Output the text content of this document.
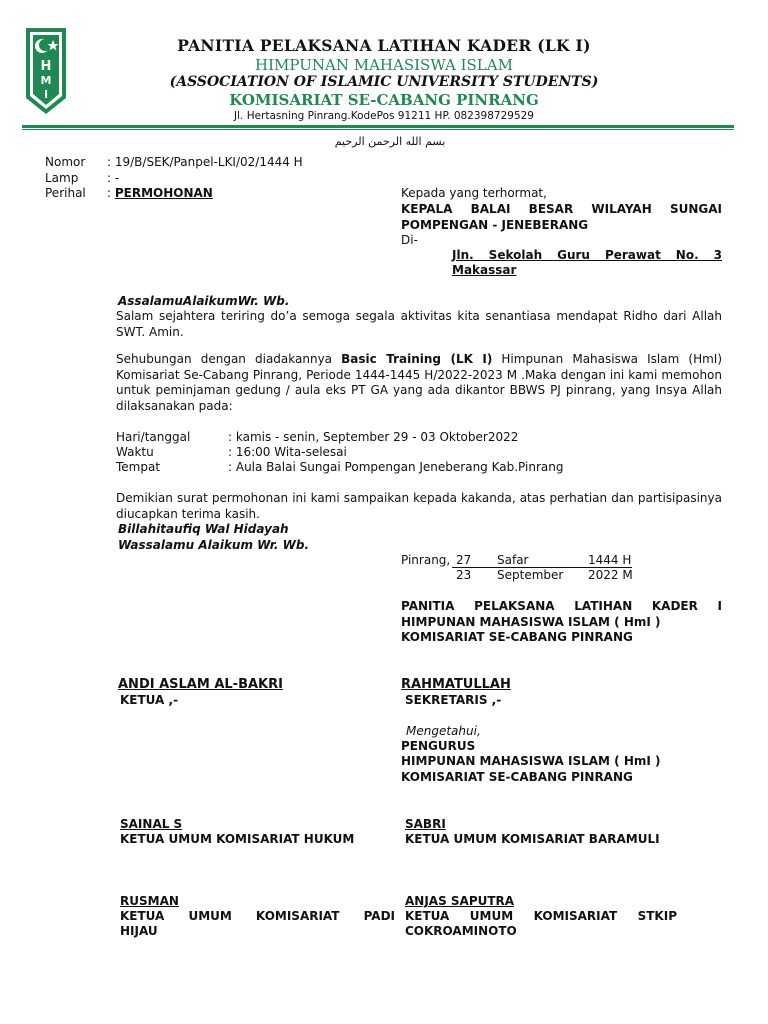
H
M
I
PANITIA PELAKSANA LATIHAN KADER (LK I)
HIMPUNAN MAHASISWA ISLAM
(ASSOCIATION OF ISLAMIC UNIVERSITY STUDENTS)
KOMISARIAT SE-CABANG PINRANG
Jl. Hertasning Pinrang.KodePos 91211 HP. 082398729529
بسم الله الرحمن الرحيم
Nomor : 19/B/SEK/Panpel-LKI/02/1444 H
Lamp : -
Perihal : PERMOHONAN	Kepada yang terhormat,
KEPALA BALAI BESAR WILAYAH SUNGAI
POMPENGAN - JENEBERANG
Di-
Jln. Sekolah Guru Perawat No. 3
Makassar
AssalamuAlaikumWr. Wb.
Salam sejahtera teriring do’a semoga segala aktivitas kita senantiasa mendapat Ridho dari Allah SWT. Amin.
Sehubungan dengan diadakannya Basic Training (LK I) Himpunan Mahasiswa Islam (HmI) Komisariat Se-Cabang Pinrang, Periode 1444-1445 H/2022-2023 M .Maka dengan ini kami memohon untuk peminjaman gedung / aula eks PT GA yang ada dikantor BBWS PJ pinrang, yang Insya Allah dilaksanakan pada:
Hari/tanggal	: kamis - senin, September 29 - 03 Oktober2022
Waktu	: 16:00 Wita-selesai
Tempat	: Aula Balai Sungai Pompengan Jeneberang Kab.Pinrang
Demikian surat permohonan ini kami sampaikan kepada kakanda, atas perhatian dan partisipasinya diucapkan terima kasih.
Billahitaufiq Wal Hidayah
Wassalamu Alaikum Wr. Wb.
Pinrang, 27 Safar	1444 H
23 September 2022 M
PANITIA PELAKSANA LATIHAN KADER I
HIMPUNAN MAHASISWA ISLAM ( HmI )
KOMISARIAT SE-CABANG PINRANG
ANDI ASLAM AL-BAKRI
KETUA ,-
RAHMATULLAH
SEKRETARIS ,-
Mengetahui,
PENGURUS
HIMPUNAN MAHASISWA ISLAM ( HmI )
KOMISARIAT SE-CABANG PINRANG
SAINAL S
KETUA UMUM KOMISARIAT HUKUM
SABRI
KETUA UMUM KOMISARIAT BARAMULI
RUSMAN
KETUA UMUM KOMISARIAT PADI
HIJAU
ANJAS SAPUTRA
KETUA UMUM KOMISARIAT STKIP
COKROAMINOTO
